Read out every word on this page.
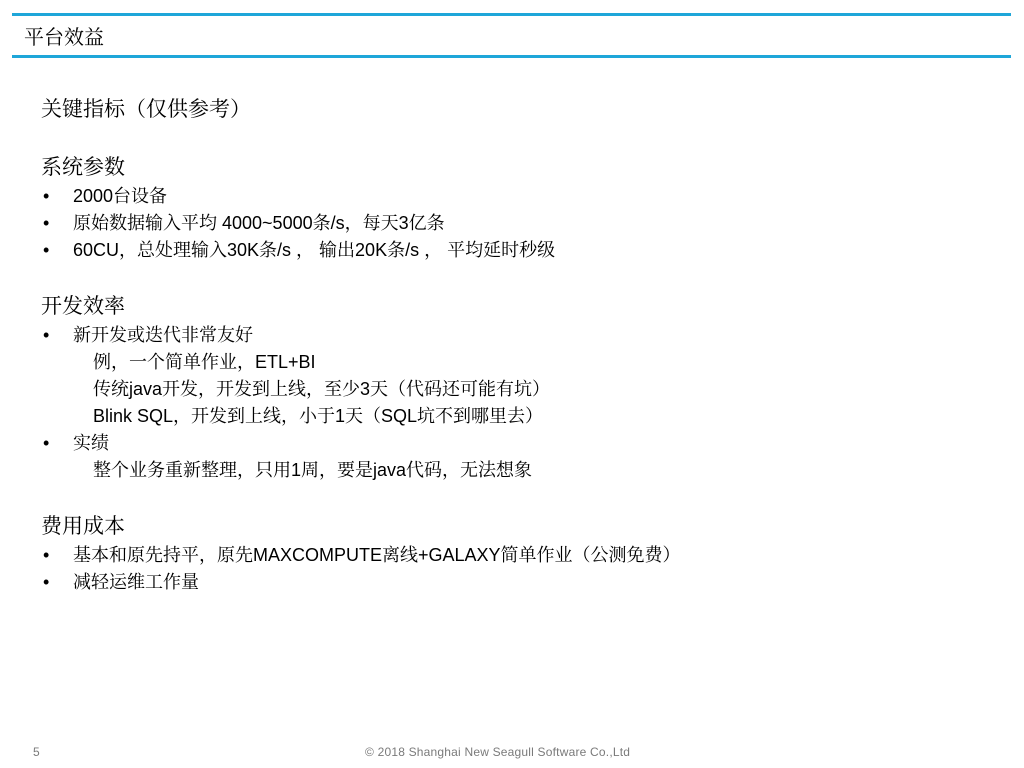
平台效益

关键指标（仅供参考）

系统参数

• 2000台设备
• 原始数据输入平均 4000~5000条/s，每天3亿条
• 60CU，总处理输入30K条/s ， 输出20K条/s ， 平均延时秒级

开发效率

• 新开发或迭代非常友好
例，一个简单作业，ETL+BI
传统java开发，开发到上线，至少3天（代码还可能有坑）
Blink SQL，开发到上线，小于1天（SQL坑不到哪里去）
• 实绩
整个业务重新整理，只用1周，要是java代码，无法想象

费用成本

• 基本和原先持平，原先MAXCOMPUTE离线+GALAXY简单作业（公测免费）
• 减轻运维工作量
5	© 2018 Shanghai New Seagull Software Co.,Ltd
